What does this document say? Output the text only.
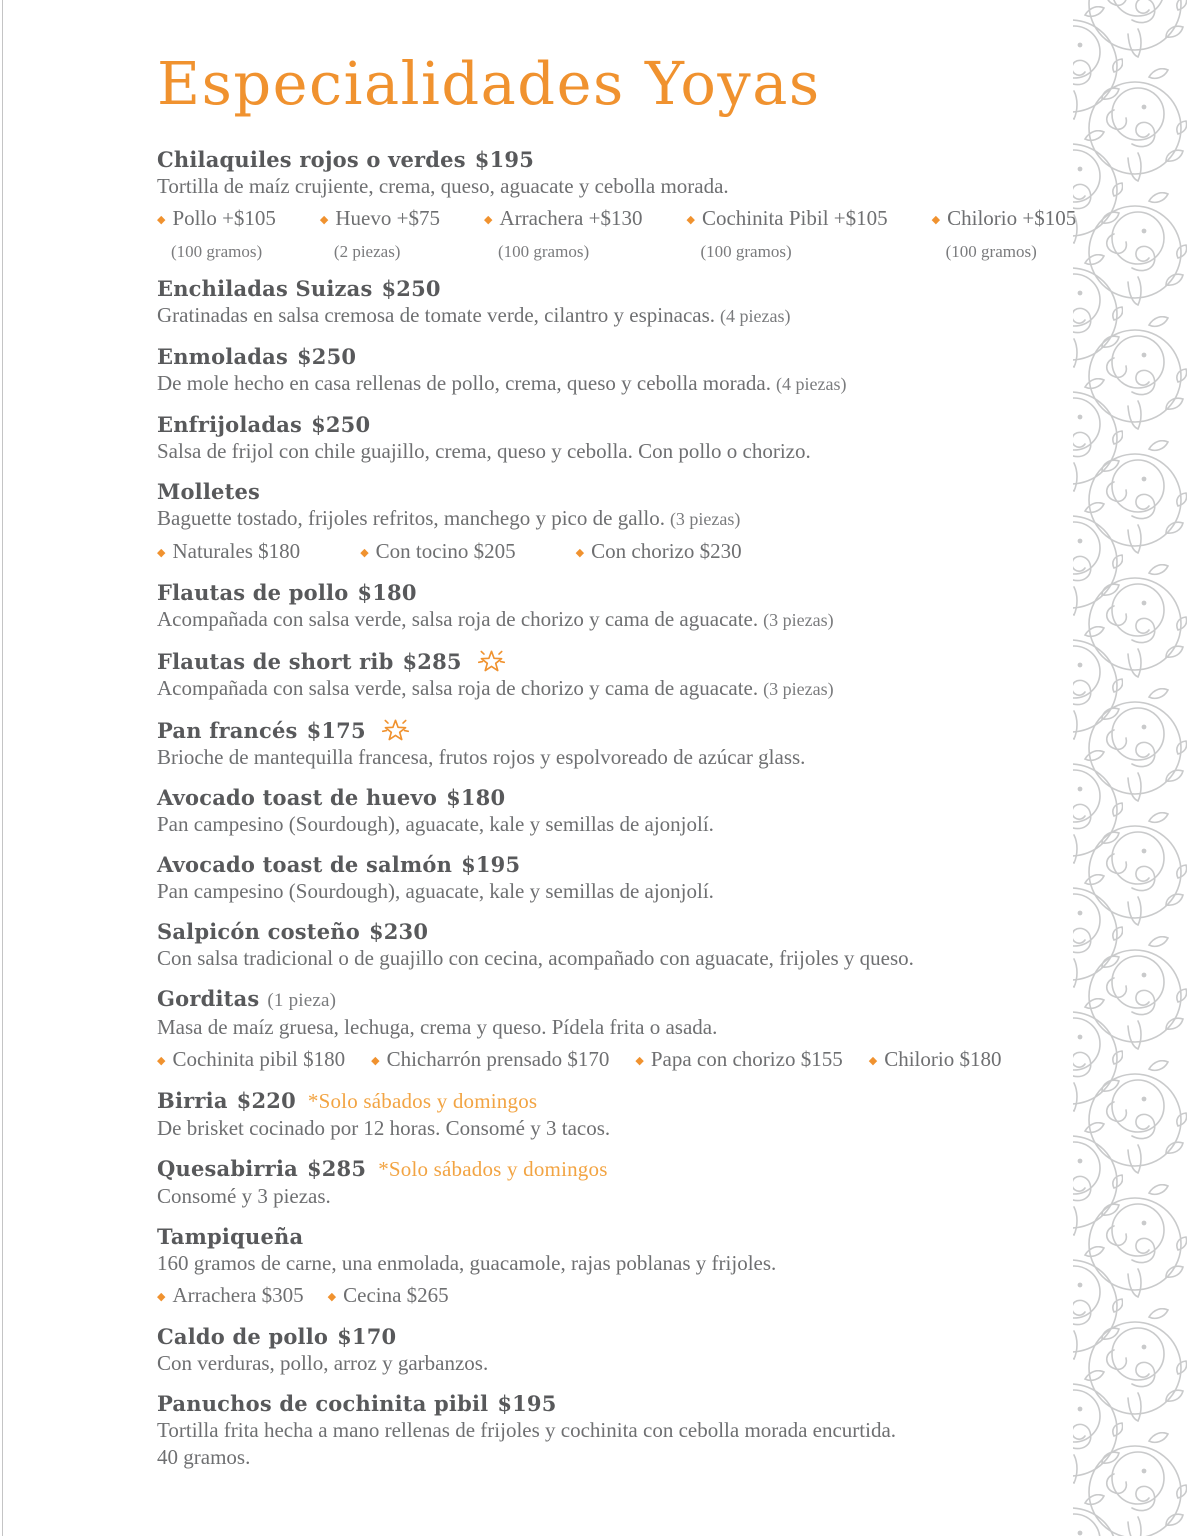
Especialidades Yoyas
Chilaquiles rojos o verdes $195
Tortilla de maíz crujiente, crema, queso, aguacate y cebolla morada.
◆ Pollo +$105
(100 gramos)
◆ Huevo +$75
(2 piezas)
◆ Arrachera +$130
(100 gramos)
◆ Cochinita Pibil +$105
(100 gramos)
◆ Chilorio +$105
(100 gramos)
Enchiladas Suizas $250
Gratinadas en salsa cremosa de tomate verde, cilantro y espinacas. (4 piezas)
Enmoladas $250
De mole hecho en casa rellenas de pollo, crema, queso y cebolla morada. (4 piezas)
Enfrijoladas $250
Salsa de frijol con chile guajillo, crema, queso y cebolla. Con pollo o chorizo.
Molletes
Baguette tostado, frijoles refritos, manchego y pico de gallo. (3 piezas)
◆ Naturales $180	◆ Con tocino $205	◆ Con chorizo $230
Flautas de pollo $180
Acompañada con salsa verde, salsa roja de chorizo y cama de aguacate. (3 piezas)
Flautas de short rib $285
Acompañada con salsa verde, salsa roja de chorizo y cama de aguacate. (3 piezas)
Pan francés $175
Brioche de mantequilla francesa, frutos rojos y espolvoreado de azúcar glass.
Avocado toast de huevo $180
Pan campesino (Sourdough), aguacate, kale y semillas de ajonjolí.
Avocado toast de salmón $195
Pan campesino (Sourdough), aguacate, kale y semillas de ajonjolí.
Salpicón costeño $230
Con salsa tradicional o de guajillo con cecina, acompañado con aguacate, frijoles y queso.
Gorditas (1 pieza)
Masa de maíz gruesa, lechuga, crema y queso. Pídela frita o asada.
◆ Cochinita pibil $180 ◆ Chicharrón prensado $170 ◆ Papa con chorizo $155 ◆ Chilorio $180
Birria $220 *Solo sábados y domingos
De brisket cocinado por 12 horas. Consomé y 3 tacos.
Quesabirria $285 *Solo sábados y domingos
Consomé y 3 piezas.
Tampiqueña
160 gramos de carne, una enmolada, guacamole, rajas poblanas y frijoles.
◆ Arrachera $305 ◆ Cecina $265
Caldo de pollo $170
Con verduras, pollo, arroz y garbanzos.
Panuchos de cochinita pibil $195
Tortilla frita hecha a mano rellenas de frijoles y cochinita con cebolla morada encurtida.
40 gramos.
